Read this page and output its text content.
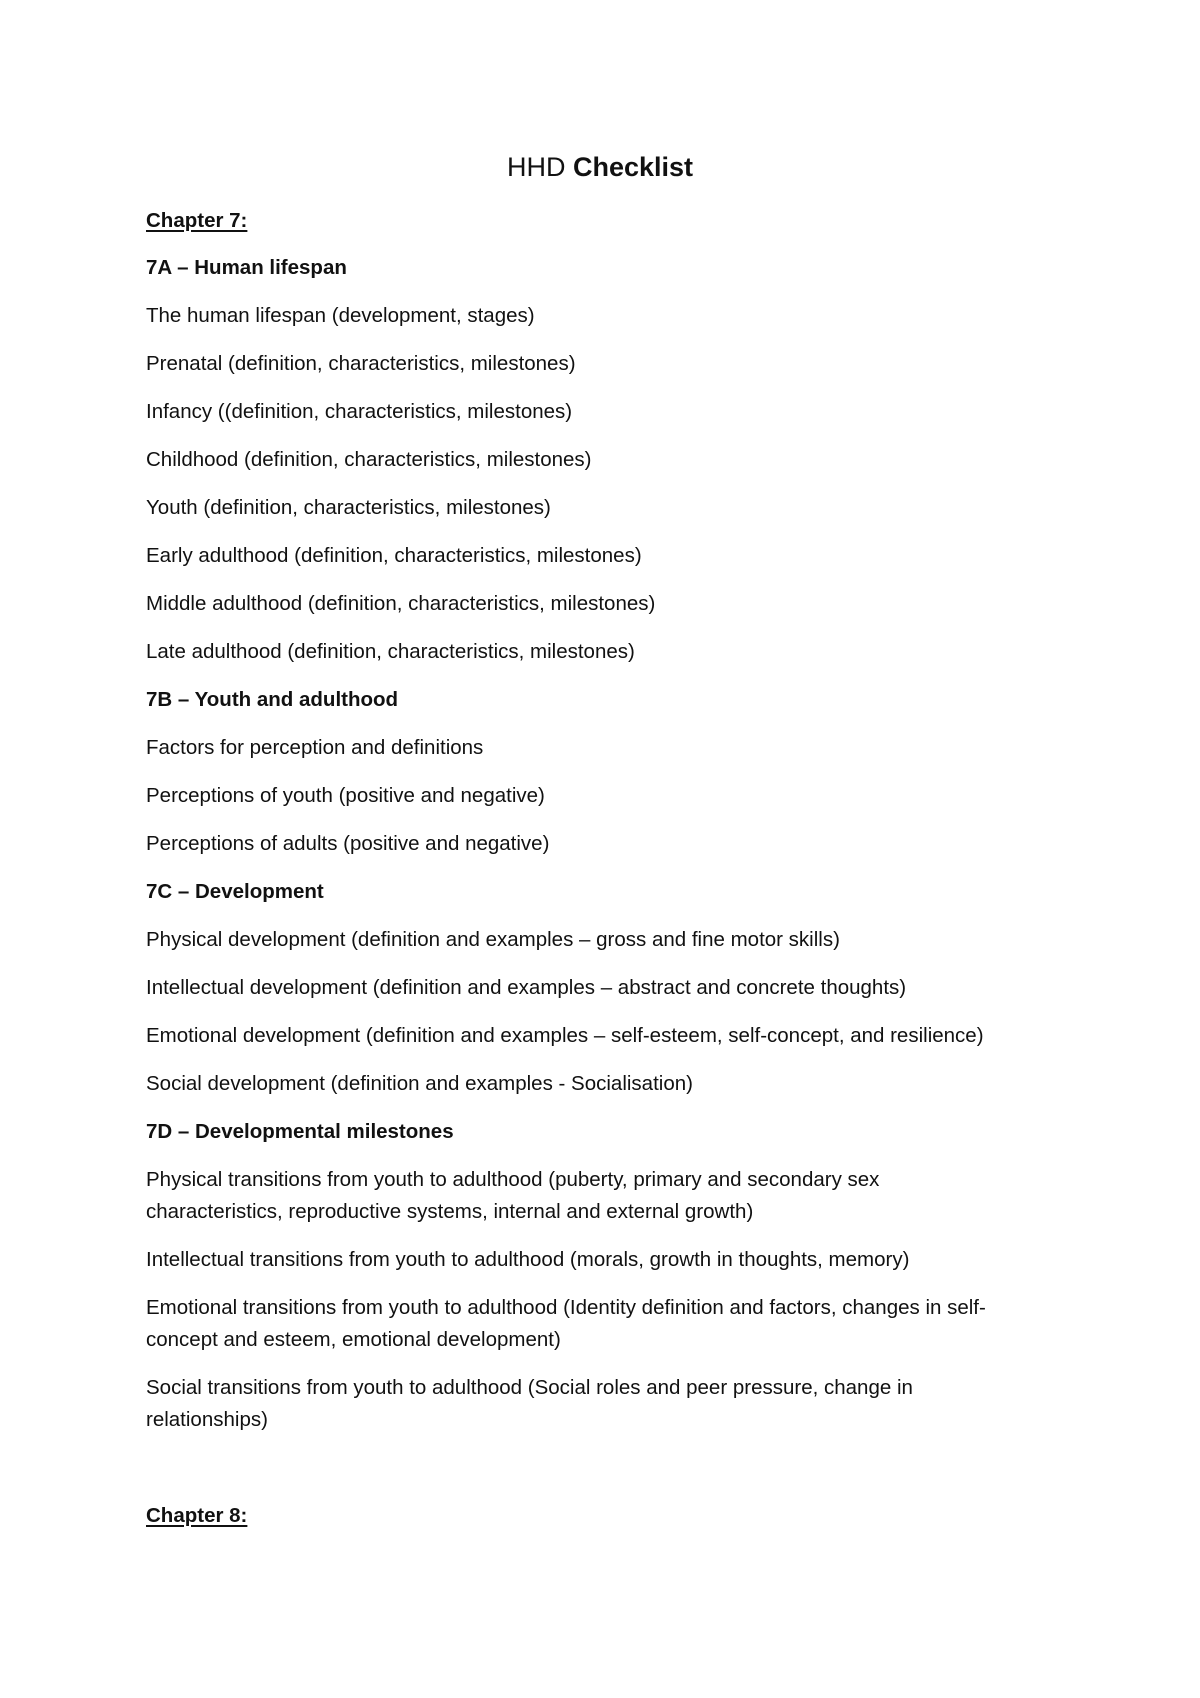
HHD Checklist
Chapter 7:
7A – Human lifespan
The human lifespan (development, stages)
Prenatal (definition, characteristics, milestones)
Infancy ((definition, characteristics, milestones)
Childhood (definition, characteristics, milestones)
Youth (definition, characteristics, milestones)
Early adulthood (definition, characteristics, milestones)
Middle adulthood (definition, characteristics, milestones)
Late adulthood (definition, characteristics, milestones)
7B – Youth and adulthood
Factors for perception and definitions
Perceptions of youth (positive and negative)
Perceptions of adults (positive and negative)
7C – Development
Physical development (definition and examples – gross and fine motor skills)
Intellectual development (definition and examples – abstract and concrete thoughts)
Emotional development (definition and examples – self-esteem, self-concept, and resilience)
Social development (definition and examples - Socialisation)
7D – Developmental milestones
Physical transitions from youth to adulthood (puberty, primary and secondary sex characteristics, reproductive systems, internal and external growth)
Intellectual transitions from youth to adulthood (morals, growth in thoughts, memory)
Emotional transitions from youth to adulthood (Identity definition and factors, changes in self-concept and esteem, emotional development)
Social transitions from youth to adulthood (Social roles and peer pressure, change in relationships)
Chapter 8:
